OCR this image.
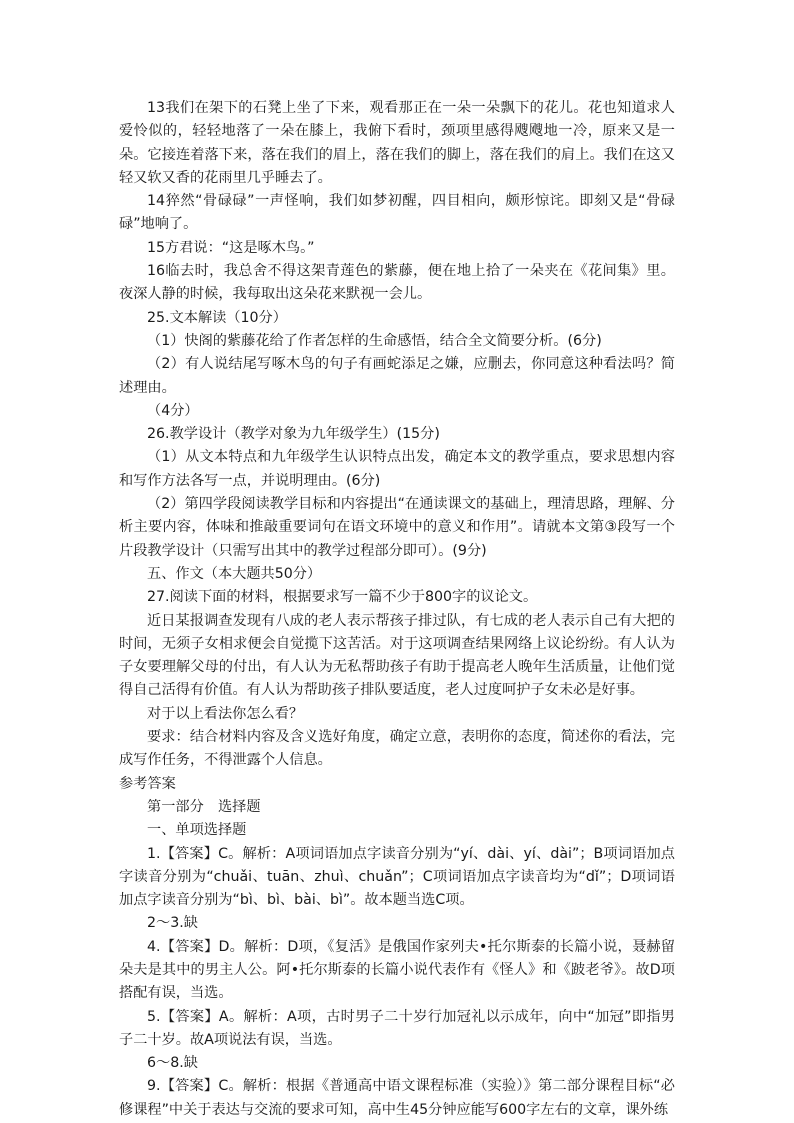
13我们在架下的石凳上坐了下来，观看那正在一朵一朵飘下的花儿。花也知道求人爱怜似的，轻轻地落了一朵在膝上，我俯下看时，颈项里感得飕飕地一冷，原来又是一朵。它接连着落下来，落在我们的眉上，落在我们的脚上，落在我们的肩上。我们在这又轻又软又香的花雨里几乎睡去了。

14猝然“骨碌碌”一声怪响，我们如梦初醒，四目相向，颇形惊诧。即刻又是“骨碌碌”地响了。

15方君说：“这是啄木鸟。”

16临去时，我总舍不得这架青莲色的紫藤，便在地上拾了一朵夹在《花间集》里。夜深人静的时候，我每取出这朵花来默视一会儿。

25.文本解读（10分）

（1）快阁的紫藤花给了作者怎样的生命感悟，结合全文简要分析。(6分)

（2）有人说结尾写啄木鸟的句子有画蛇添足之嫌，应删去，你同意这种看法吗？简述理由。

（4分）

26.教学设计（教学对象为九年级学生）(15分)

（1）从文本特点和九年级学生认识特点出发，确定本文的教学重点，要求思想内容和写作方法各写一点，并说明理由。(6分)

（2）第四学段阅读教学目标和内容提出“在通读课文的基础上，理清思路，理解、分析主要内容，体味和推敲重要词句在语文环境中的意义和作用”。请就本文第③段写一个片段教学设计（只需写出其中的教学过程部分即可）。(9分)

五、作文（本大题共50分）

27.阅读下面的材料，根据要求写一篇不少于800字的议论文。

近日某报调查发现有八成的老人表示帮孩子排过队，有七成的老人表示自己有大把的时间，无须子女相求便会自觉揽下这苦活。对于这项调查结果网络上议论纷纷。有人认为子女要理解父母的付出，有人认为无私帮助孩子有助于提高老人晚年生活质量，让他们觉得自己活得有价值。有人认为帮助孩子排队要适度，老人过度呵护子女未必是好事。

对于以上看法你怎么看？

要求：结合材料内容及含义选好角度，确定立意，表明你的态度，简述你的看法，完成写作任务，不得泄露个人信息。

参考答案

第一部分　选择题

一、单项选择题

1.【答案】C。解析：A项词语加点字读音分别为“yí、dài、yí、dài”；B项词语加点字读音分别为“chuǎi、tuān、zhuì、chuǎn”；C项词语加点字读音均为“dǐ”；D项词语加点字读音分别为“bì、bì、bài、bì”。故本题当选C项。

2～3.缺

4.【答案】D。解析：D项，《复活》是俄国作家列夫•托尔斯泰的长篇小说，聂赫留朵夫是其中的男主人公。阿•托尔斯泰的长篇小说代表作有《怪人》和《跛老爷》。故D项搭配有误，当选。

5.【答案】A。解析：A项，古时男子二十岁行加冠礼以示成年，向中“加冠”即指男子二十岁。故A项说法有误，当选。

6～8.缺

9.【答案】C。解析：根据《普通高中语文课程标准（实验）》第二部分课程目标“必修课程”中关于表达与交流的要求可知，高中生45分钟应能写600字左右的文章，课外练
